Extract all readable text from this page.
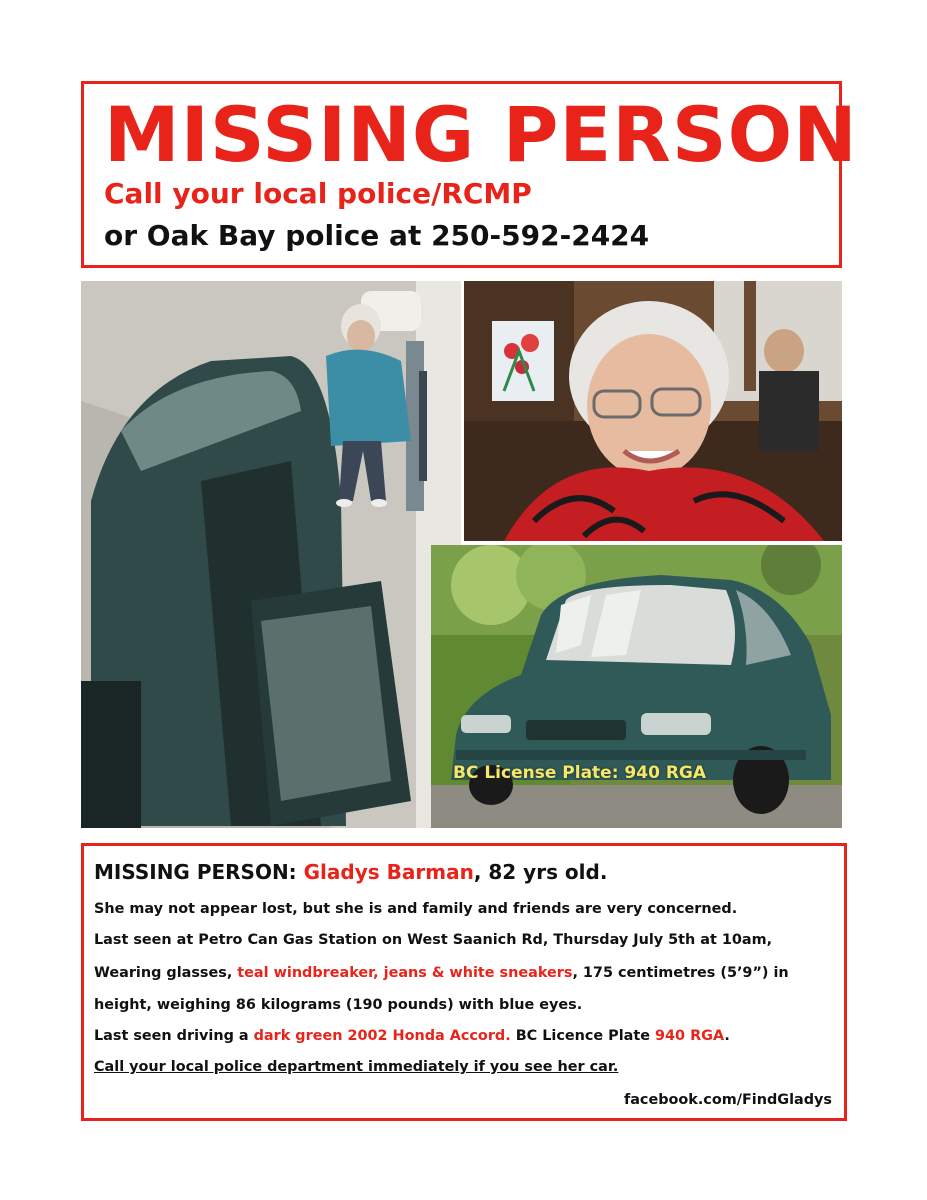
MISSING PERSON
Call your local police/RCMP
or Oak Bay police at 250-592-2424
BC License Plate: 940 RGA
MISSING PERSON: Gladys Barman, 82 yrs old.
She may not appear lost, but she is and family and friends are very concerned.
Last seen at Petro Can Gas Station on West Saanich Rd, Thursday July 5th at 10am,
Wearing glasses, teal windbreaker, jeans & white sneakers, 175 centimetres (5’9”) in
height, weighing 86 kilograms (190 pounds) with blue eyes.
Last seen driving a dark green 2002 Honda Accord. BC Licence Plate 940 RGA.
Call your local police department immediately if you see her car.
facebook.com/FindGladys
